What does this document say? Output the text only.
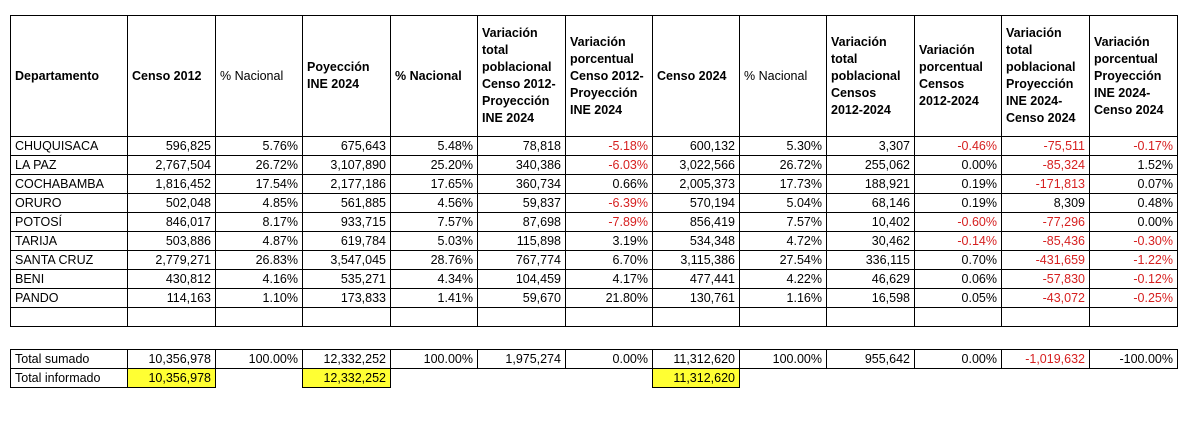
Departamento	Censo 2012	% Nacional	Poyección INE 2024	% Nacional	Variación total poblacional Censo 2012-Proyección INE 2024	Variación porcentual Censo 2012-Proyección INE 2024	Censo 2024	% Nacional	Variación total poblacional Censos 2012-2024	Variación porcentual Censos 2012-2024	Variación total poblacional Proyección INE 2024-Censo 2024	Variación porcentual Proyección INE 2024-Censo 2024
CHUQUISACA	596,825	5.76%	675,643	5.48%	78,818	-5.18%	600,132	5.30%	3,307	-0.46%	-75,511	-0.17%
LA PAZ	2,767,504	26.72%	3,107,890	25.20%	340,386	-6.03%	3,022,566	26.72%	255,062	0.00%	-85,324	1.52%
COCHABAMBA	1,816,452	17.54%	2,177,186	17.65%	360,734	0.66%	2,005,373	17.73%	188,921	0.19%	-171,813	0.07%
ORURO	502,048	4.85%	561,885	4.56%	59,837	-6.39%	570,194	5.04%	68,146	0.19%	8,309	0.48%
POTOSÍ	846,017	8.17%	933,715	7.57%	87,698	-7.89%	856,419	7.57%	10,402	-0.60%	-77,296	0.00%
TARIJA	503,886	4.87%	619,784	5.03%	115,898	3.19%	534,348	4.72%	30,462	-0.14%	-85,436	-0.30%
SANTA CRUZ	2,779,271	26.83%	3,547,045	28.76%	767,774	6.70%	3,115,386	27.54%	336,115	0.70%	-431,659	-1.22%
BENI	430,812	4.16%	535,271	4.34%	104,459	4.17%	477,441	4.22%	46,629	0.06%	-57,830	-0.12%
PANDO	114,163	1.10%	173,833	1.41%	59,670	21.80%	130,761	1.16%	16,598	0.05%	-43,072	-0.25%

Total sumado	10,356,978	100.00%	12,332,252	100.00%	1,975,274	0.00%	11,312,620	100.00%	955,642	0.00%	-1,019,632	-100.00%
Total informado	10,356,978		12,332,252				11,312,620					
